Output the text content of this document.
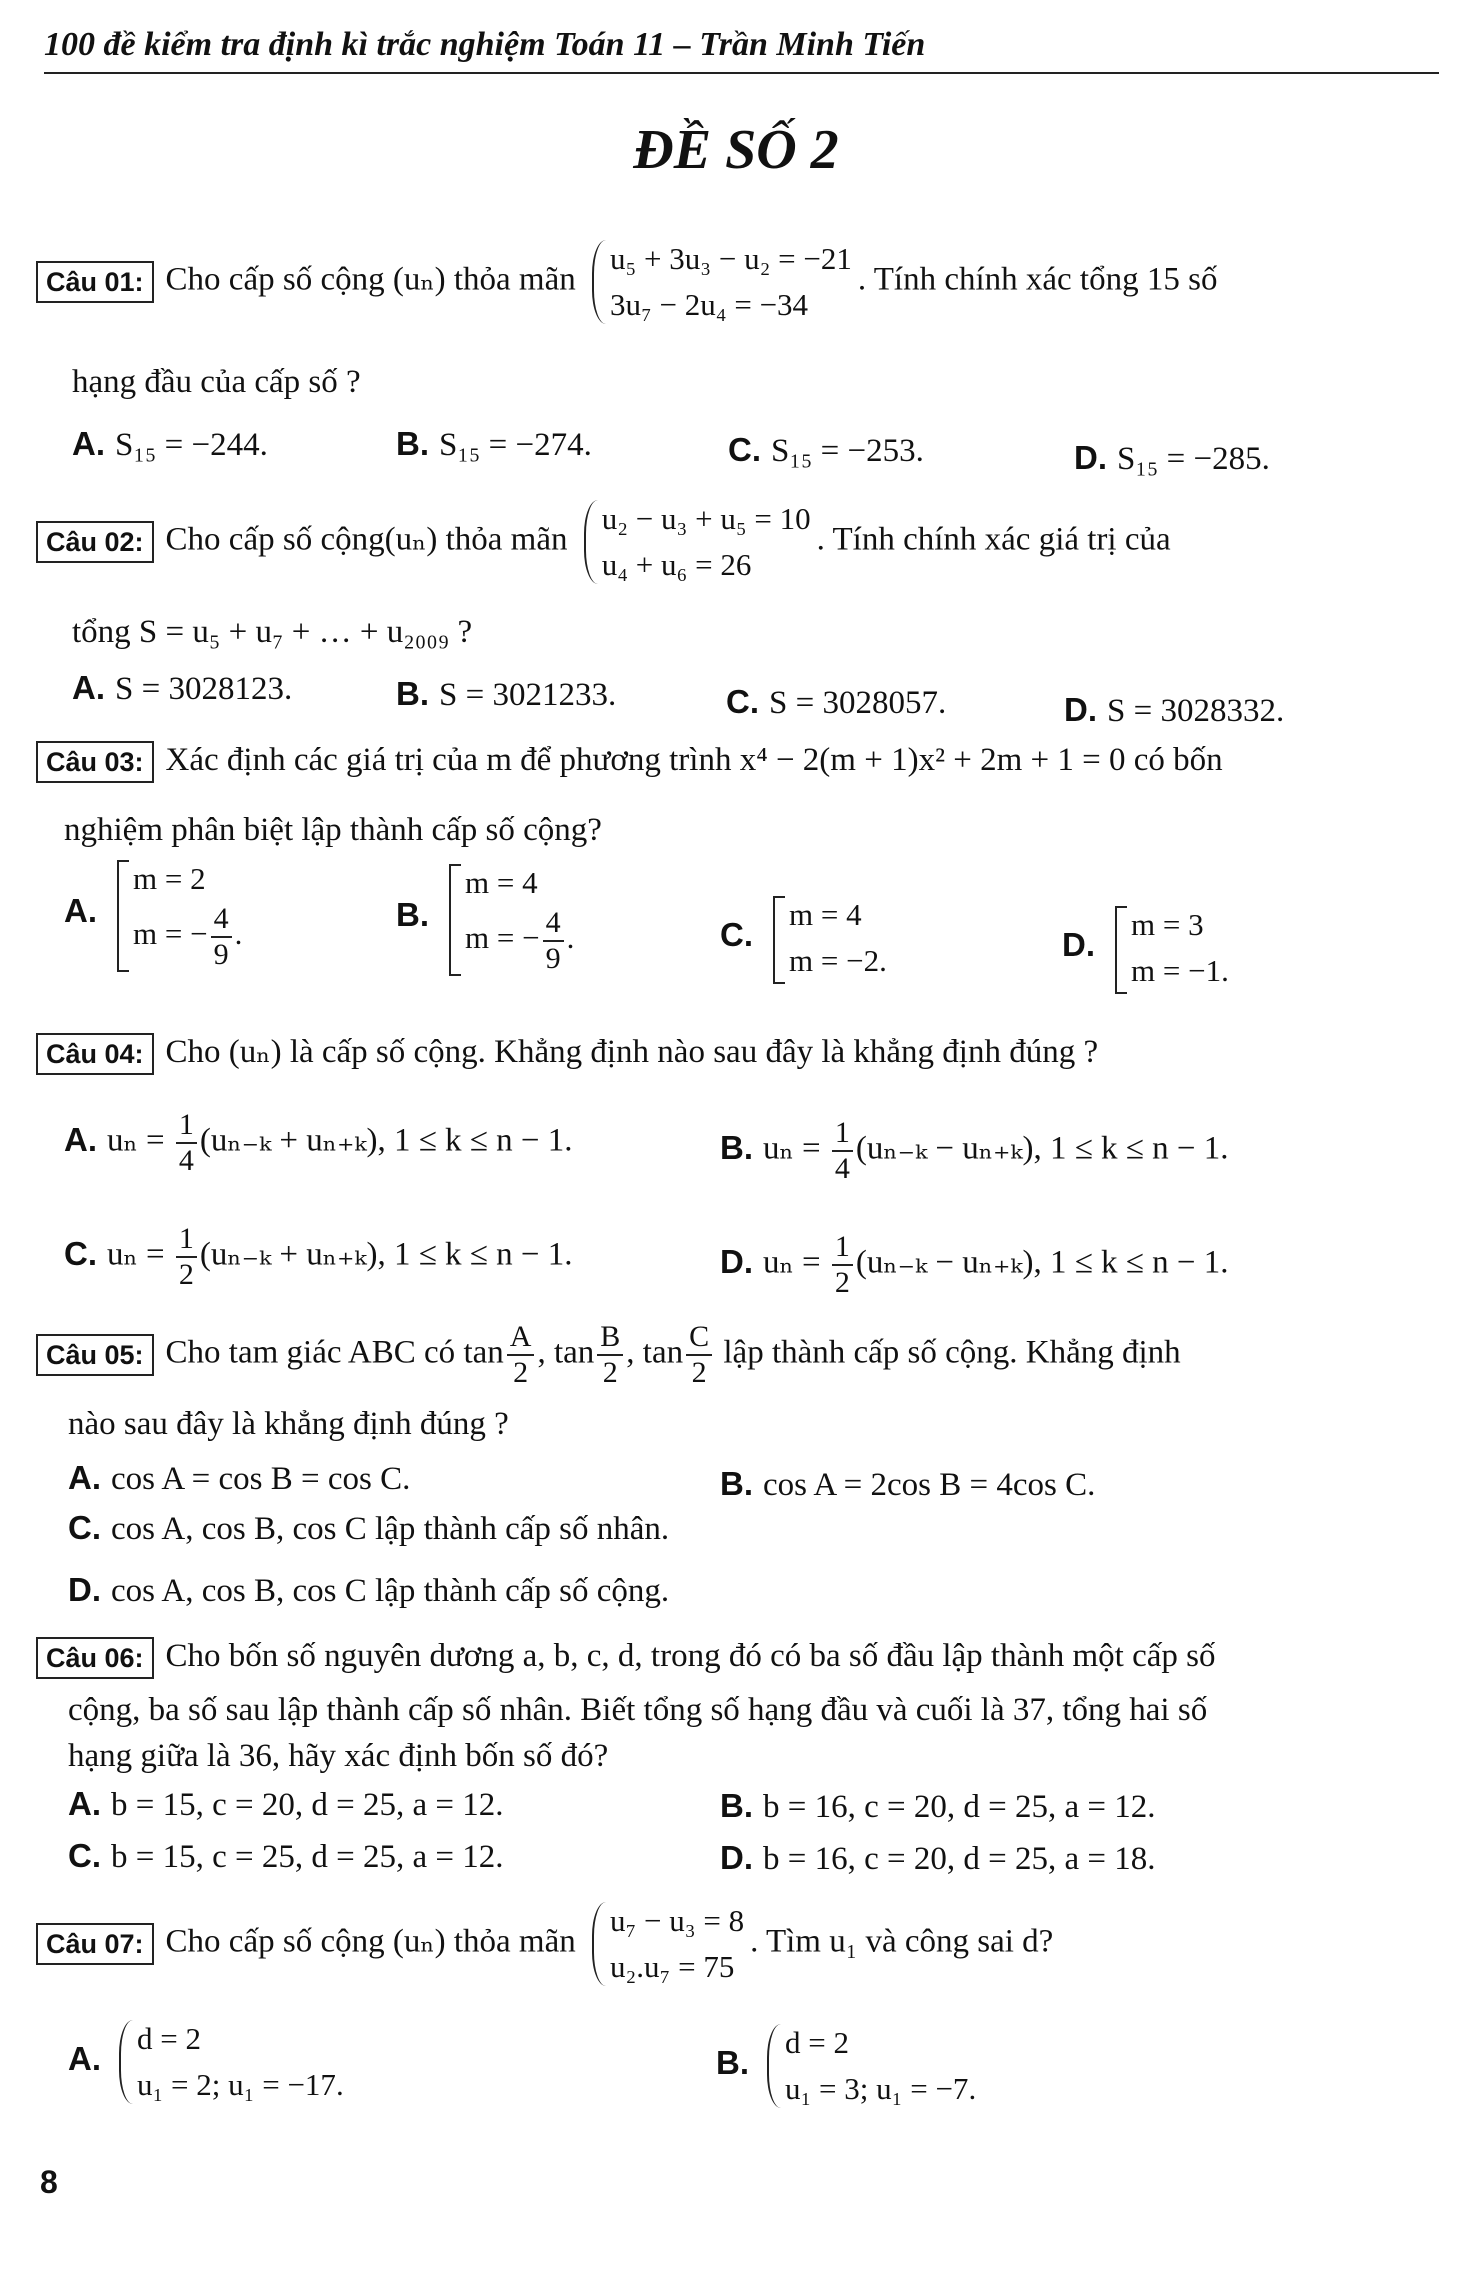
100 đề kiểm tra định kì trắc nghiệm Toán 11 – Trần Minh Tiến
ĐỀ SỐ 2
Câu 01: Cho cấp số cộng (uₙ) thỏa mãn
u₅ + 3u₃ − u₂ = −21
3u₇ − 2u₄ = −34
. Tính chính xác tổng 15 số
hạng đầu của cấp số ?
A. S₁₅ = −244.	B. S₁₅ = −274.	C. S₁₅ = −253.	D. S₁₅ = −285.
Câu 02: Cho cấp số cộng(uₙ) thỏa mãn
u₂ − u₃ + u₅ = 10
u₄ + u₆ = 26
. Tính chính xác giá trị của
tổng S = u₅ + u₇ + … + u₂₀₀₉ ?
A. S = 3028123.	B. S = 3021233.	C. S = 3028057.	D. S = 3028332.
Câu 03: Xác định các giá trị của m để phương trình x⁴ − 2(m + 1)x² + 2m + 1 = 0 có bốn
nghiệm phân biệt lập thành cấp số cộng?
A.
m = 2
m = − $\frac{4}{9}$ .
B.
m = 4
m = − $\frac{4}{9}$ .	C.
m = 4
m = −2.	D.
m = 3
m = −1.
Câu 04: Cho (uₙ) là cấp số cộng. Khẳng định nào sau đây là khẳng định đúng ?
A. $u_n = \frac{1}{4} (u_{n-k} + u_{n+k})$, 1 ≤ k ≤ n − 1.	B. $u_n = \frac{1}{4} (u_{n-k} - u_{n+k})$, 1 ≤ k ≤ n − 1.
C. $u_n = \frac{1}{2} (u_{n-k} + u_{n+k})$, 1 ≤ k ≤ n − 1.	D. $u_n = \frac{1}{2} (u_{n-k} - u_{n+k})$, 1 ≤ k ≤ n − 1.
Câu 05: Cho tam giác ABC có $\tan \frac{A}{2}$ , $\tan \frac{B}{2}$ , $\tan \frac{C}{2}$ lập thành cấp số cộng. Khẳng định
nào sau đây là khẳng định đúng ?
A. cos A = cos B = cos C.	B. cos A = 2cos B = 4cos C.
C. cos A, cos B, cos C lập thành cấp số nhân.
D. cos A, cos B, cos C lập thành cấp số cộng.
Câu 06: Cho bốn số nguyên dương a, b, c, d, trong đó có ba số đầu lập thành một cấp số
cộng, ba số sau lập thành cấp số nhân. Biết tổng số hạng đầu và cuối là 37, tổng hai số
hạng giữa là 36, hãy xác định bốn số đó?
A. b = 15, c = 20, d = 25, a = 12.	B. b = 16, c = 20, d = 25, a = 12.
C. b = 15, c = 25, d = 25, a = 12.	D. b = 16, c = 20, d = 25, a = 18.
Câu 07: Cho cấp số cộng (uₙ) thỏa mãn
u₇ − u₃ = 8
u₂.u₇ = 75
. Tìm u₁ và công sai d?
A.
d = 2
u₁ = 2; u₁ = −17.
B.
d = 2
u₁ = 3; u₁ = −7.
8
